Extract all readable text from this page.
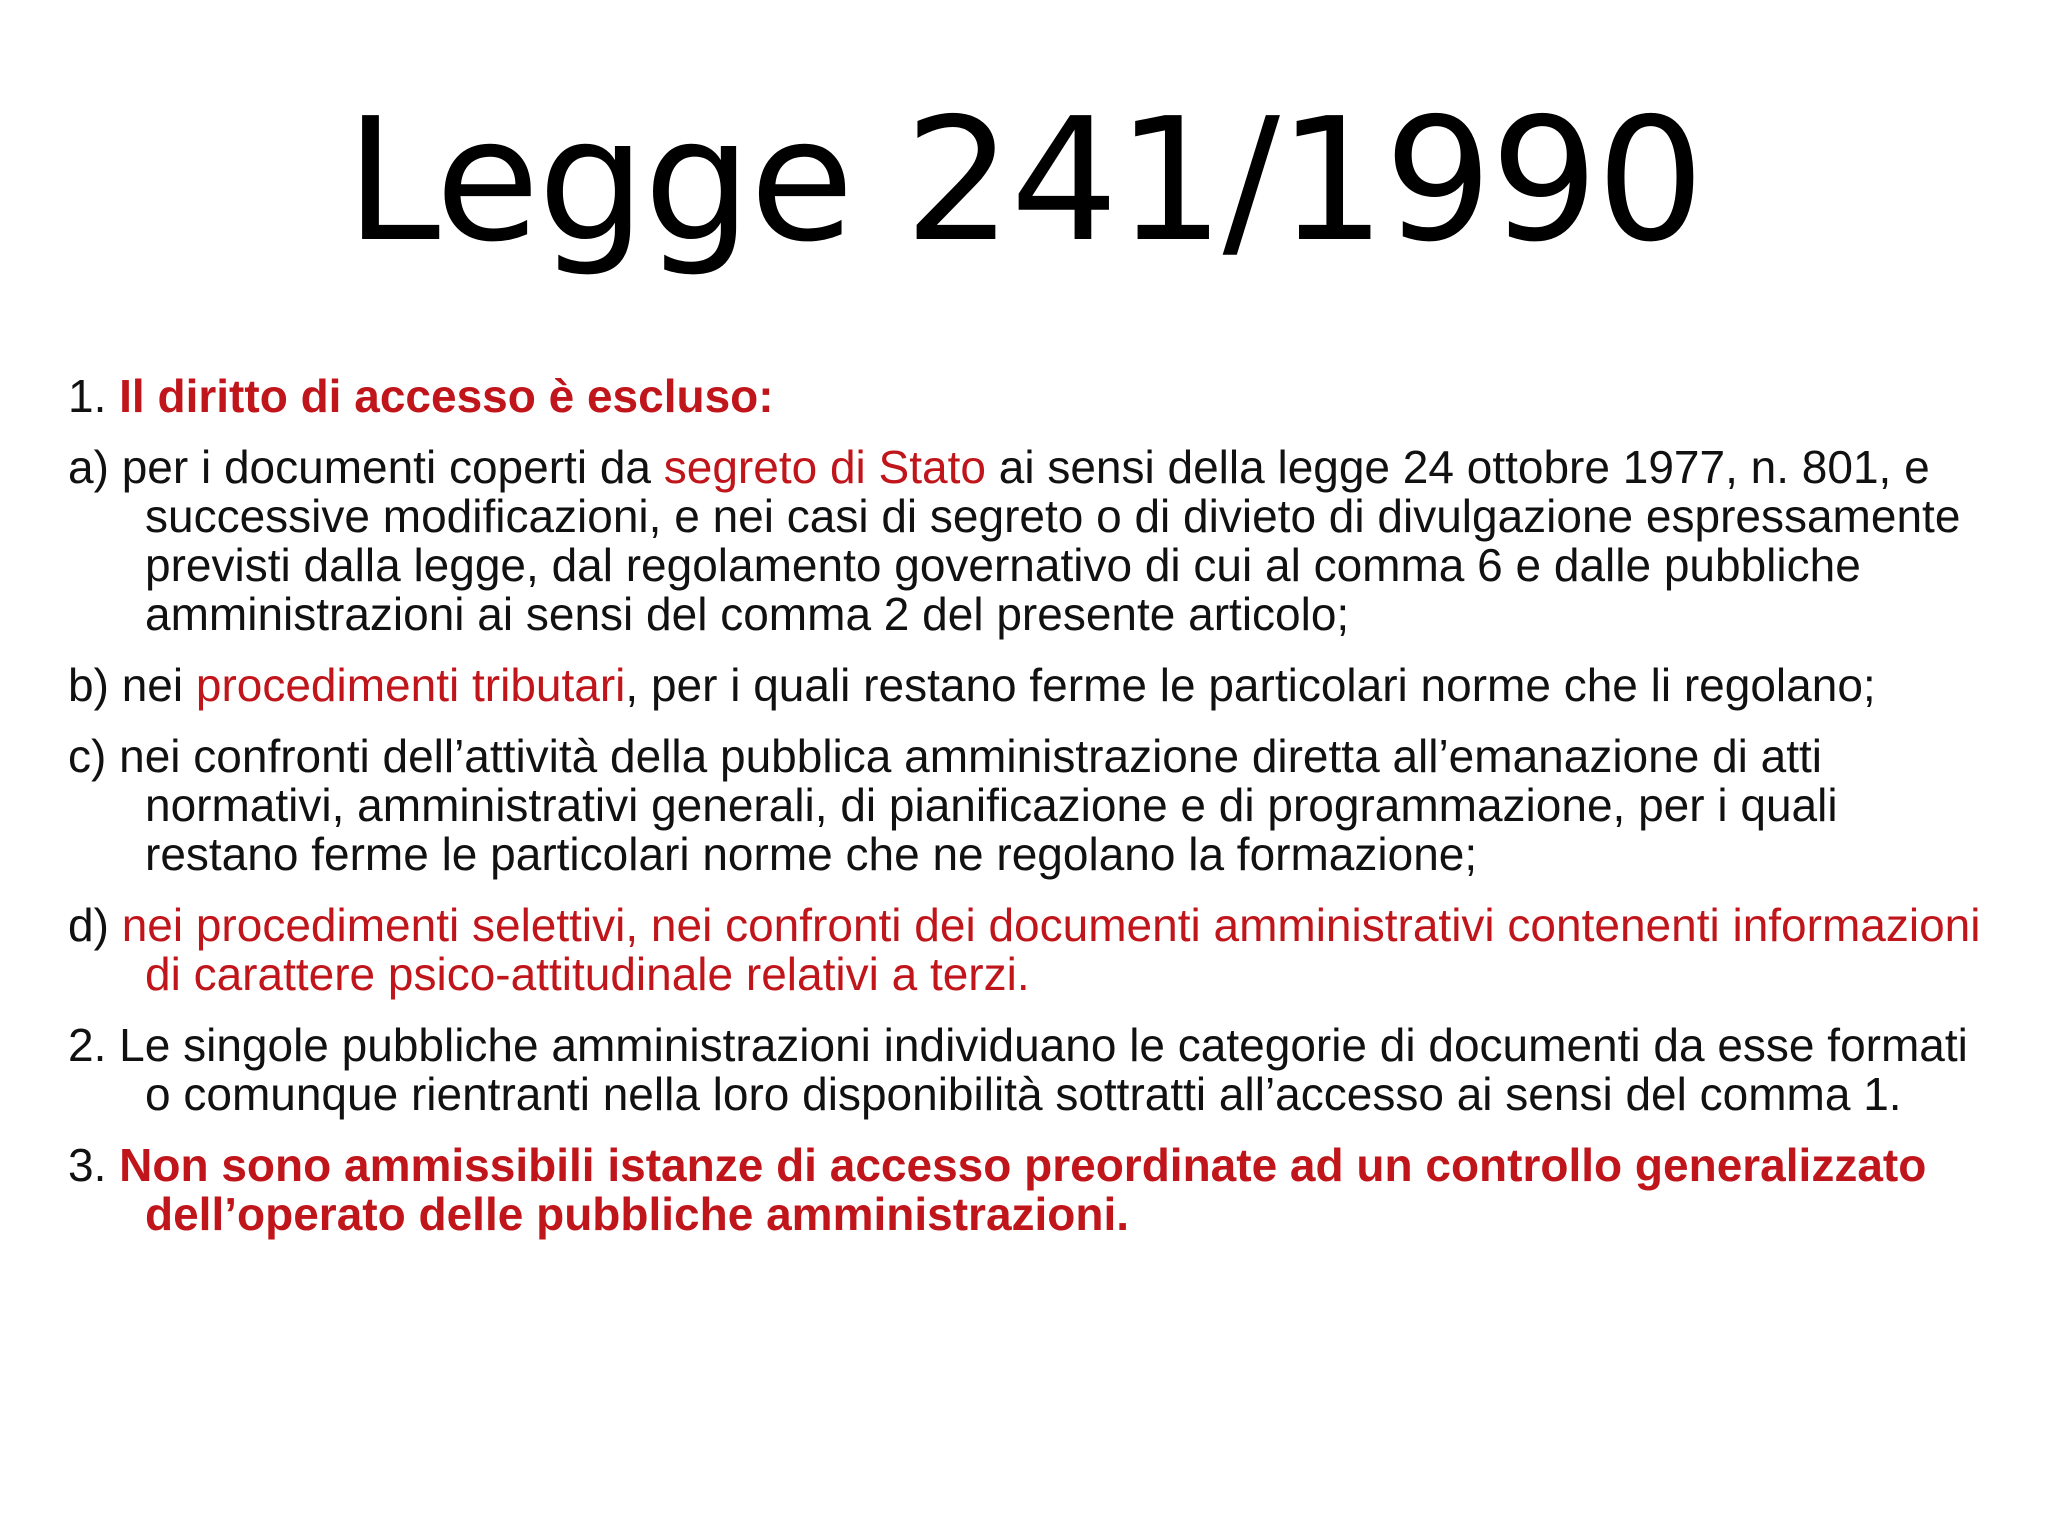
Legge 241/1990

1. Il diritto di accesso è escluso:

a) per i documenti coperti da segreto di Stato ai sensi della legge 24 ottobre 1977, n. 801, e successive modificazioni, e nei casi di segreto o di divieto di divulgazione espressamente previsti dalla legge, dal regolamento governativo di cui al comma 6 e dalle pubbliche amministrazioni ai sensi del comma 2 del presente articolo;

b) nei procedimenti tributari, per i quali restano ferme le particolari norme che li regolano;

c) nei confronti dell’attività della pubblica amministrazione diretta all’emanazione di atti normativi, amministrativi generali, di pianificazione e di programmazione, per i quali restano ferme le particolari norme che ne regolano la formazione;

d) nei procedimenti selettivi, nei confronti dei documenti amministrativi contenenti informazioni di carattere psico-attitudinale relativi a terzi.

2. Le singole pubbliche amministrazioni individuano le categorie di documenti da esse formati o comunque rientranti nella loro disponibilità sottratti all’accesso ai sensi del comma 1.

3. Non sono ammissibili istanze di accesso preordinate ad un controllo generalizzato dell’operato delle pubbliche amministrazioni.
